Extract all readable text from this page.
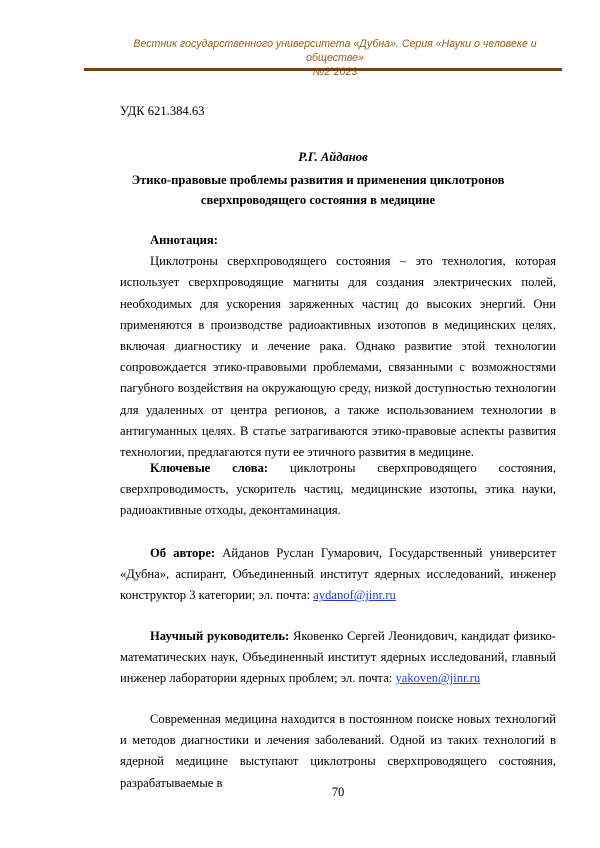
Вестник государственного университета «Дубна». Серия «Науки о человеке и обществе»
№2`2023
УДК 621.384.63
Р.Г. Айданов
Этико-правовые проблемы развития и применения циклотронов сверхпроводящего состояния в медицине
Аннотация:
Циклотроны сверхпроводящего состояния – это технология, которая использует сверхпроводящие магниты для создания электрических полей, необходимых для ускорения заряженных частиц до высоких энергий. Они применяются в производстве радиоактивных изотопов в медицинских целях, включая диагностику и лечение рака. Однако развитие этой технологии сопровождается этико-правовыми проблемами, связанными с возможностями пагубного воздействия на окружающую среду, низкой доступностью технологии для удаленных от центра регионов, а также использованием технологии в антигуманных целях. В статье затрагиваются этико-правовые аспекты развития технологии, предлагаются пути ее этичного развития в медицине.
Ключевые слова: циклотроны сверхпроводящего состояния, сверхпроводимость, ускоритель частиц, медицинские изотопы, этика науки, радиоактивные отходы, деконтаминация.
Об авторе: Айданов Руслан Гумарович, Государственный университет «Дубна», аспирант, Объединенный институт ядерных исследований, инженер конструктор 3 категории; эл. почта: aydanof@jinr.ru
Научный руководитель: Яковенко Сергей Леонидович, кандидат физико-математических наук, Объединенный институт ядерных исследований, главный инженер лаборатории ядерных проблем; эл. почта: yakoven@jinr.ru
Современная медицина находится в постоянном поиске новых технологий и методов диагностики и лечения заболеваний. Одной из таких технологий в ядерной медицине выступают циклотроны сверхпроводящего состояния, разрабатываемые в
70
